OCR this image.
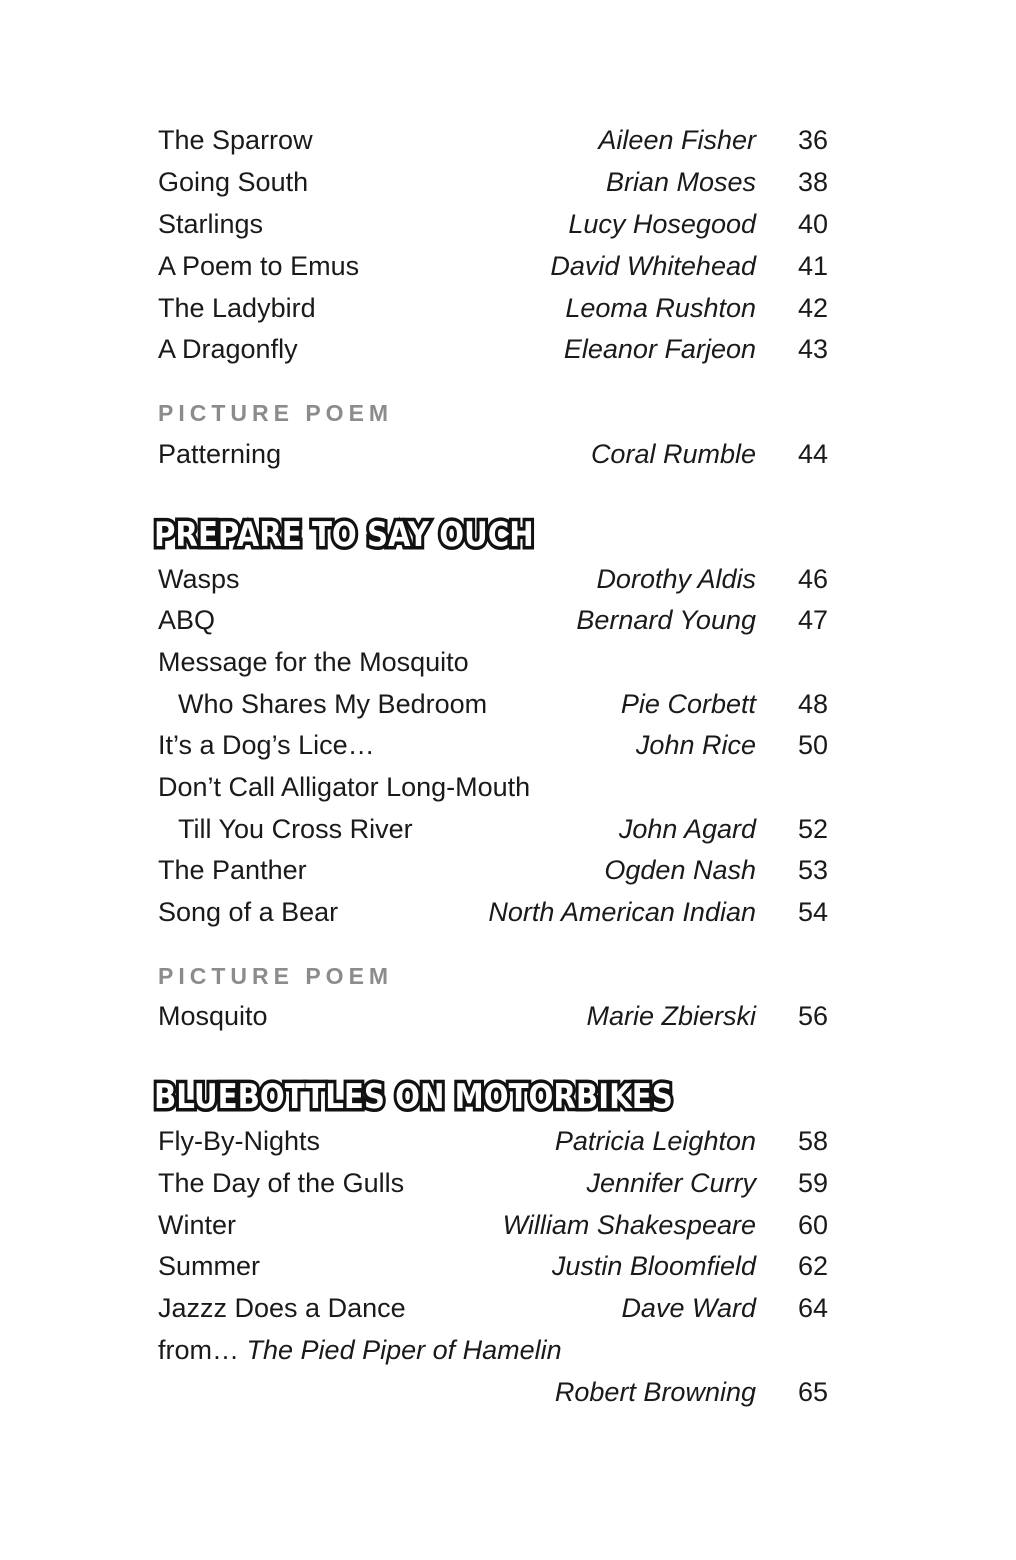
The Sparrow	Aileen Fisher 36
Going South	Brian Moses 38
Starlings	Lucy Hosegood 40
A Poem to Emus	David Whitehead 41
The Ladybird	Leoma Rushton 42
A Dragonfly	Eleanor Farjeon 43
PICTURE POEM
Patterning	Coral Rumble 44
PREPARE TO SAY OUCH
Wasps	Dorothy Aldis 46
ABQ	Bernard Young 47
Message for the Mosquito
Who Shares My Bedroom	Pie Corbett 48
It’s a Dog’s Lice…	John Rice 50
Don’t Call Alligator Long-Mouth
Till You Cross River	John Agard 52
The Panther	Ogden Nash 53
Song of a Bear	North American Indian 54
PICTURE POEM
Mosquito	Marie Zbierski 56
BLUEBOTTLES ON MOTORBIKES
Fly-By-Nights	Patricia Leighton 58
The Day of the Gulls	Jennifer Curry 59
Winter	William Shakespeare 60
Summer	Justin Bloomfield 62
Jazzz Does a Dance	Dave Ward 64
from… The Pied Piper of Hamelin
Robert Browning 65
